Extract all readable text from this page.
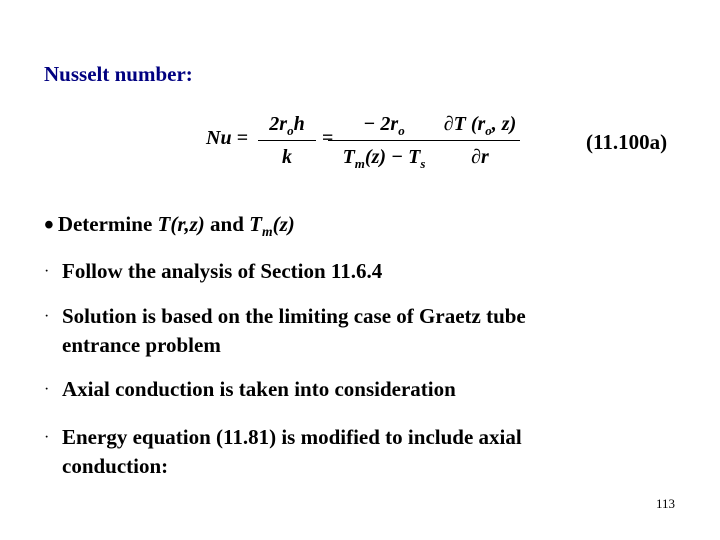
Nusselt number:
Nu =
$2r_oh$
k
=
− $2r_o$
$T_m(z) - T_s$
∂T ($r_o$, z)
∂r
(11.100a)
• Determine T(r,z) and $T_m(z)$
· Follow the analysis of Section 11.6.4
· Solution is based on the limiting case of Graetz tube
entrance problem
· Axial conduction is taken into consideration
· Energy equation (11.81) is modified to include axial
conduction:
113
